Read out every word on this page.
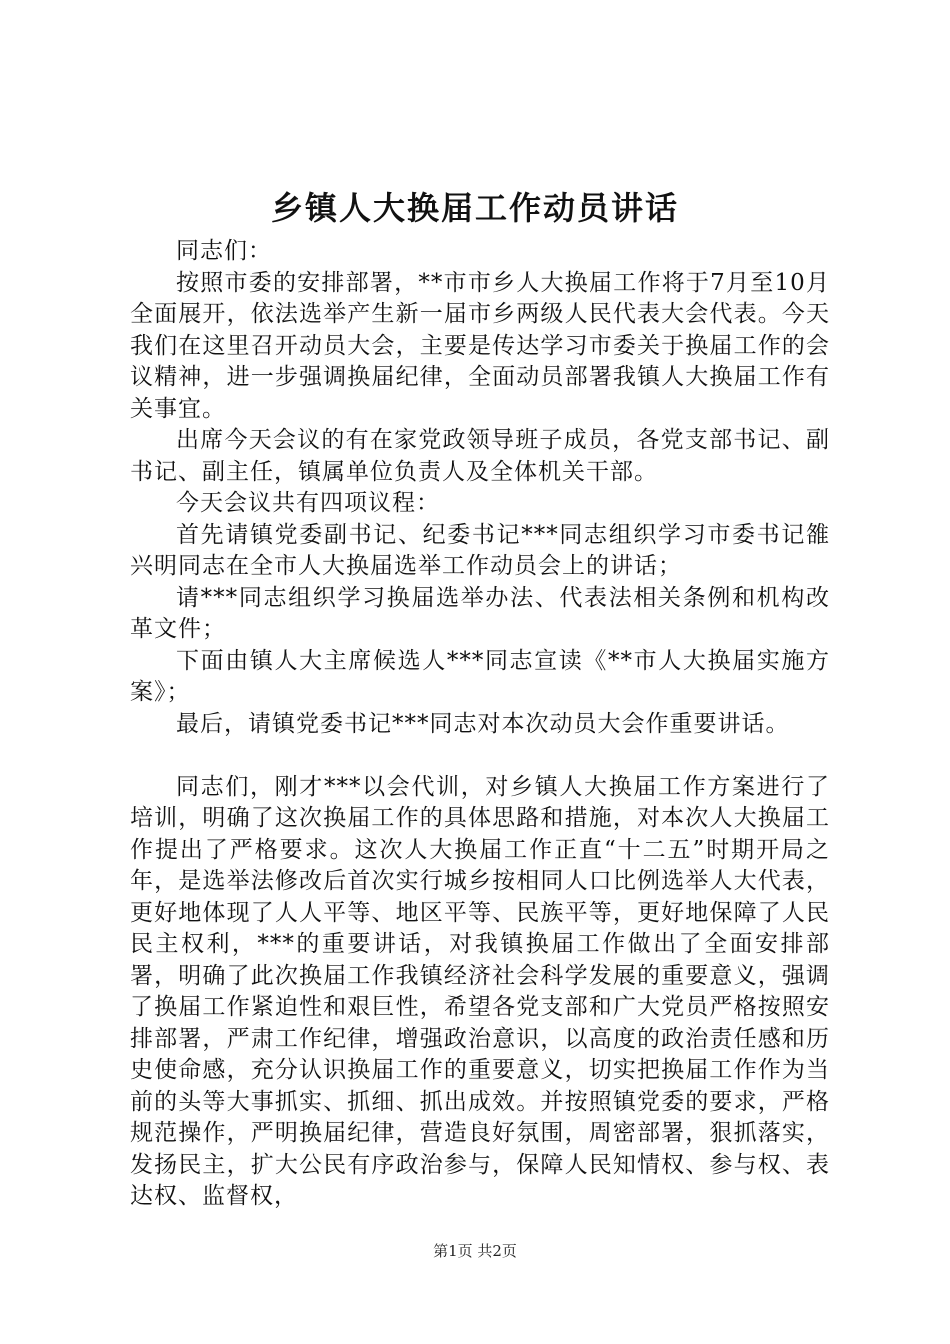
乡镇人大换届工作动员讲话

同志们：

按照市委的安排部署，**市市乡人大换届工作将于7月至10月全面展开，依法选举产生新一届市乡两级人民代表大会代表。今天我们在这里召开动员大会，主要是传达学习市委关于换届工作的会议精神，进一步强调换届纪律，全面动员部署我镇人大换届工作有关事宜。

出席今天会议的有在家党政领导班子成员，各党支部书记、副书记、副主任，镇属单位负责人及全体机关干部。

今天会议共有四项议程：

首先请镇党委副书记、纪委书记***同志组织学习市委书记雒兴明同志在全市人大换届选举工作动员会上的讲话；

请***同志组织学习换届选举办法、代表法相关条例和机构改革文件；

下面由镇人大主席候选人***同志宣读《**市人大换届实施方案》；

最后，请镇党委书记***同志对本次动员大会作重要讲话。

同志们，刚才***以会代训，对乡镇人大换届工作方案进行了培训，明确了这次换届工作的具体思路和措施，对本次人大换届工作提出了严格要求。这次人大换届工作正直“十二五”时期开局之年，是选举法修改后首次实行城乡按相同人口比例选举人大代表，更好地体现了人人平等、地区平等、民族平等，更好地保障了人民民主权利，***的重要讲话，对我镇换届工作做出了全面安排部署，明确了此次换届工作我镇经济社会科学发展的重要意义，强调了换届工作紧迫性和艰巨性，希望各党支部和广大党员严格按照安排部署，严肃工作纪律，增强政治意识，以高度的政治责任感和历史使命感，充分认识换届工作的重要意义，切实把换届工作作为当前的头等大事抓实、抓细、抓出成效。并按照镇党委的要求，严格规范操作，严明换届纪律，营造良好氛围，周密部署，狠抓落实，发扬民主，扩大公民有序政治参与，保障人民知情权、参与权、表达权、监督权，

第1页 共2页
